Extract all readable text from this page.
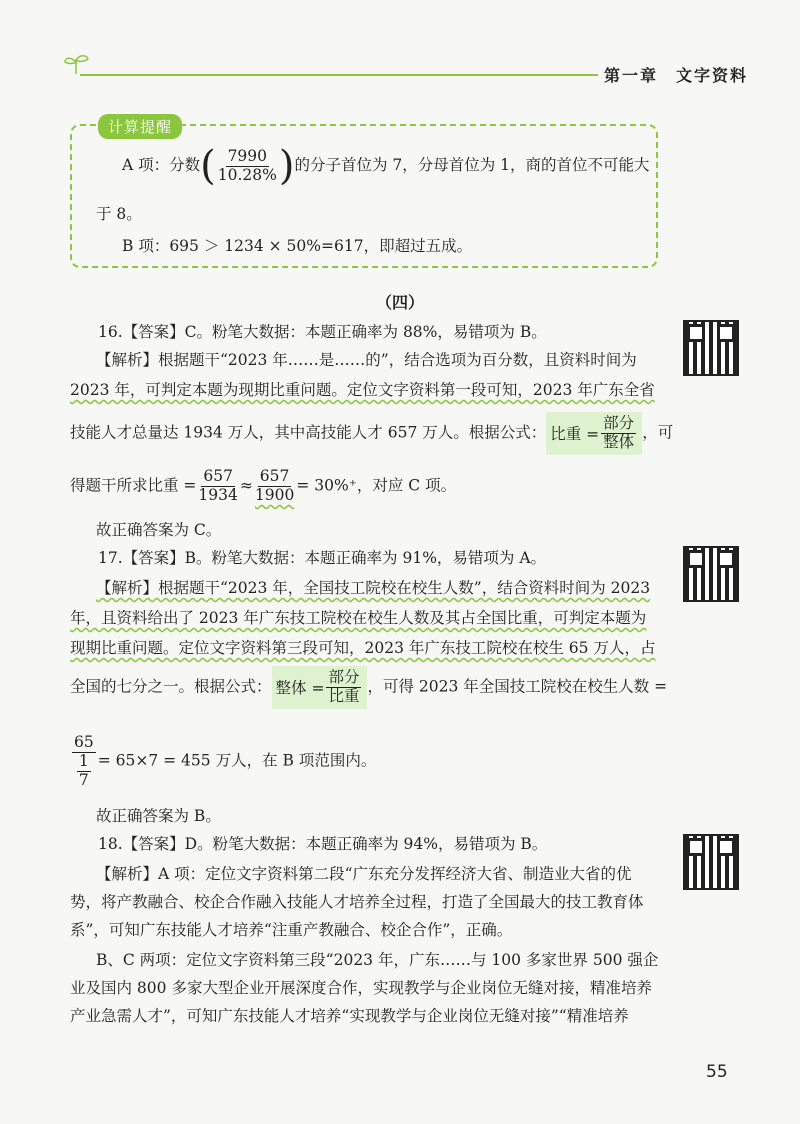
第一章 文字资料
计算提醒
A 项：分数( $\frac{7990}{10.28\%}$ )的分子首位为 7，分母首位为 1，商的首位不可能大
于 8。
B 项：695 ＞ 1234 × 50%=617，即超过五成。
（四）
16.【答案】C。粉笔大数据：本题正确率为 88%，易错项为 B。
【解析】根据题干“2023 年……是……的”，结合选项为百分数，且资料时间为
2023 年，可判定本题为现期比重问题。定位文字资料第一段可知，2023 年广东全省
技能人才总量达 1934 万人，其中高技能人才 657 万人。根据公式： 比重 = $\frac{\text{部分}}{\text{整体}}$ ，可
得题干所求比重 = $\frac{657}{1934} \approx \frac{657}{1900} = 30\%^+$，对应 C 项。
故正确答案为 C。
17.【答案】B。粉笔大数据：本题正确率为 91%，易错项为 A。
【解析】根据题干“2023 年，全国技工院校在校生人数”，结合资料时间为 2023
年，且资料给出了 2023 年广东技工院校在校生人数及其占全国比重，可判定本题为
现期比重问题。定位文字资料第三段可知，2023 年广东技工院校在校生 65 万人，占
全国的七分之一。根据公式： 整体 = $\frac{\text{部分}}{\text{比重}}$ ，可得 2023 年全国技工院校在校生人数 =
$\frac{65}{\frac{1}{7}} = 65\times 7 = 455$ 万人，在 B 项范围内。
故正确答案为 B。
18.【答案】D。粉笔大数据：本题正确率为 94%，易错项为 B。
【解析】A 项：定位文字资料第二段“广东充分发挥经济大省、制造业大省的优
势，将产教融合、校企合作融入技能人才培养全过程，打造了全国最大的技工教育体
系”，可知广东技能人才培养“注重产教融合、校企合作”，正确。
B、C 两项：定位文字资料第三段“2023 年，广东……与 100 多家世界 500 强企
业及国内 800 多家大型企业开展深度合作，实现教学与企业岗位无缝对接，精准培养
产业急需人才”，可知广东技能人才培养“实现教学与企业岗位无缝对接”“精准培养
55
